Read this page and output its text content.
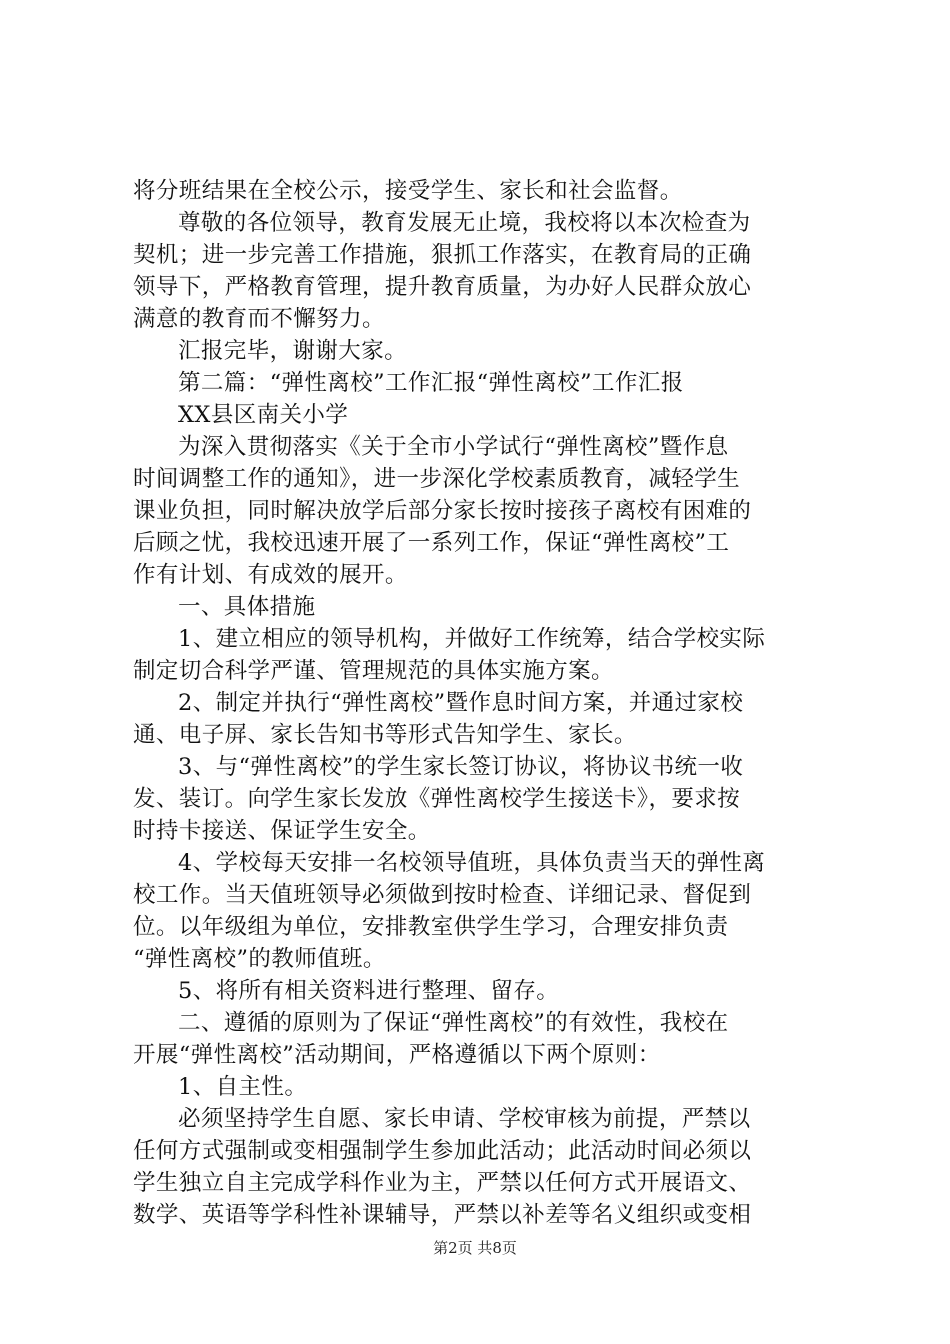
将分班结果在全校公示，接受学生、家长和社会监督。
尊敬的各位领导，教育发展无止境，我校将以本次检查为
契机；进一步完善工作措施，狠抓工作落实，在教育局的正确
领导下，严格教育管理，提升教育质量，为办好人民群众放心
满意的教育而不懈努力。
汇报完毕，谢谢大家。
第二篇：“弹性离校”工作汇报“弹性离校”工作汇报
XX县区南关小学
为深入贯彻落实《关于全市小学试行“弹性离校”暨作息
时间调整工作的通知》，进一步深化学校素质教育，减轻学生
课业负担，同时解决放学后部分家长按时接孩子离校有困难的
后顾之忧，我校迅速开展了一系列工作，保证“弹性离校”工
作有计划、有成效的展开。
一、具体措施
1、建立相应的领导机构，并做好工作统筹，结合学校实际
制定切合科学严谨、管理规范的具体实施方案。
2、制定并执行“弹性离校”暨作息时间方案，并通过家校
通、电子屏、家长告知书等形式告知学生、家长。
3、与“弹性离校”的学生家长签订协议，将协议书统一收
发、装订。向学生家长发放《弹性离校学生接送卡》，要求按
时持卡接送、保证学生安全。
4、学校每天安排一名校领导值班，具体负责当天的弹性离
校工作。当天值班领导必须做到按时检查、详细记录、督促到
位。以年级组为单位，安排教室供学生学习，合理安排负责
“弹性离校”的教师值班。
5、将所有相关资料进行整理、留存。
二、遵循的原则为了保证“弹性离校”的有效性，我校在
开展“弹性离校”活动期间，严格遵循以下两个原则：
1、自主性。
必须坚持学生自愿、家长申请、学校审核为前提，严禁以
任何方式强制或变相强制学生参加此活动；此活动时间必须以
学生独立自主完成学科作业为主，严禁以任何方式开展语文、
数学、英语等学科性补课辅导，严禁以补差等名义组织或变相
第2页 共8页
